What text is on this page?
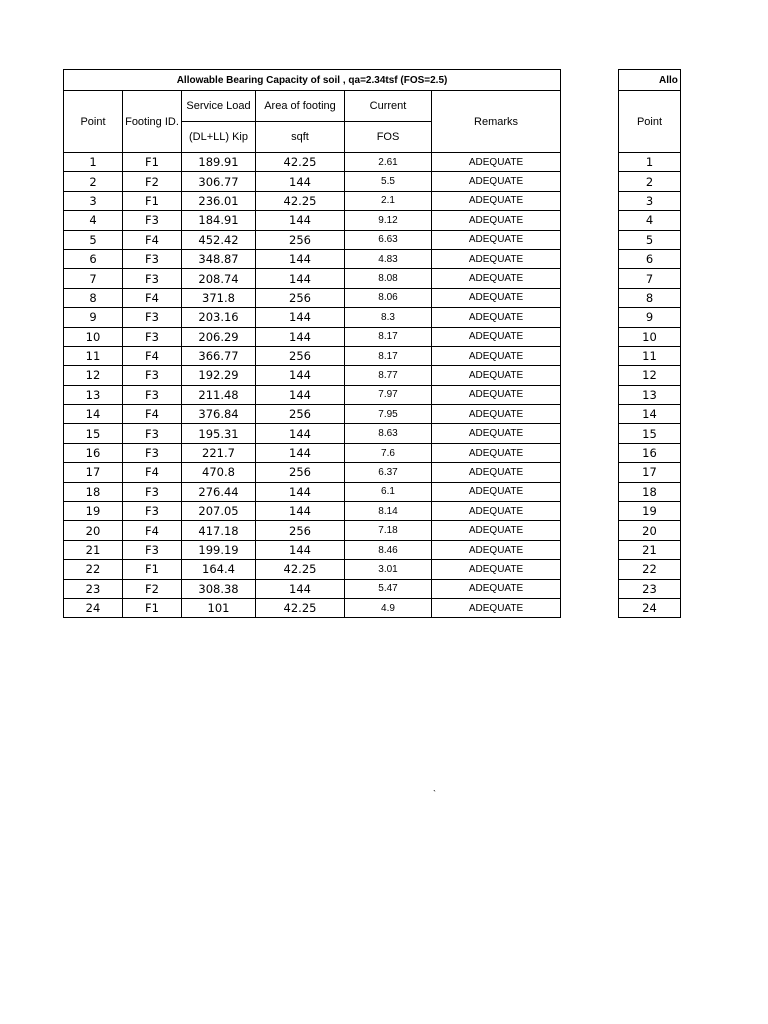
Allowable Bearing Capacity of soil , qa=2.34tsf (FOS=2.5)					
Point	Footing ID.	Service Load	Area of footing	Current	Remarks
		(DL+LL) Kip	sqft	FOS	
1	F1	189.91	42.25	2.61	ADEQUATE
2	F2	306.77	144	5.5	ADEQUATE
3	F1	236.01	42.25	2.1	ADEQUATE
4	F3	184.91	144	9.12	ADEQUATE
5	F4	452.42	256	6.63	ADEQUATE
6	F3	348.87	144	4.83	ADEQUATE
7	F3	208.74	144	8.08	ADEQUATE
8	F4	371.8	256	8.06	ADEQUATE
9	F3	203.16	144	8.3	ADEQUATE
10	F3	206.29	144	8.17	ADEQUATE
11	F4	366.77	256	8.17	ADEQUATE
12	F3	192.29	144	8.77	ADEQUATE
13	F3	211.48	144	7.97	ADEQUATE
14	F4	376.84	256	7.95	ADEQUATE
15	F3	195.31	144	8.63	ADEQUATE
16	F3	221.7	144	7.6	ADEQUATE
17	F4	470.8	256	6.37	ADEQUATE
18	F3	276.44	144	6.1	ADEQUATE
19	F3	207.05	144	8.14	ADEQUATE
20	F4	417.18	256	7.18	ADEQUATE
21	F3	199.19	144	8.46	ADEQUATE
22	F1	164.4	42.25	3.01	ADEQUATE
23	F2	308.38	144	5.47	ADEQUATE
24	F1	101	42.25	4.9	ADEQUATE
Allo
Point
1
2
3
4
5
6
7
8
9
10
11
12
13
14
15
16
17
18
19
20
21
22
23
24
`
